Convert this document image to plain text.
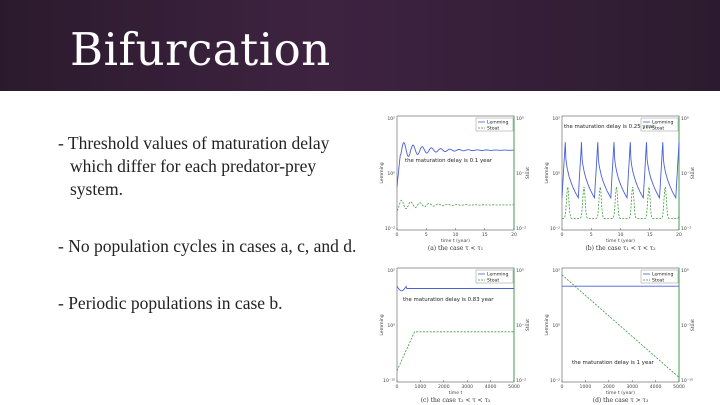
Bifurcation
- Threshold values of maturation delay which differ for each predator-prey system.
- No population cycles in cases a, c, and d.
- Periodic populations in case b.
0	5	10	15	20
10²
10⁰
10⁻²
10⁰
10⁻¹
10⁻²
time t (year)
Lemming	Stoat
Lemming
Stoat
the maturation delay is 0.1 year
(a) the case τ < τ₁
0	5	10	15	20
10²
10⁰
10⁻²
10⁰
10⁻¹
10⁻²
time t (year)
Lemming	Stoat
Lemming
Stoat
the maturation delay is 0.25 year
(b) the case τ₁ < τ < τ₂
0	1000	2000	3000	4000	5000
10²
10⁰
10⁻¹⁰
10⁰
10⁻¹
10⁻²
time t
Lemming	Stoat
Lemming
Stoat
the maturation delay is 0.83 year
(c) the case τ₂ < τ < τ₃
0	1000	2000	3000	4000	5000
10²
10⁰
10⁻²
10⁰
10⁻⁵
10⁻¹⁰
time t (year)
Lemming	Stoat
Lemming
Stoat
the maturation delay is 1 year
(d) the case τ > τ₃
